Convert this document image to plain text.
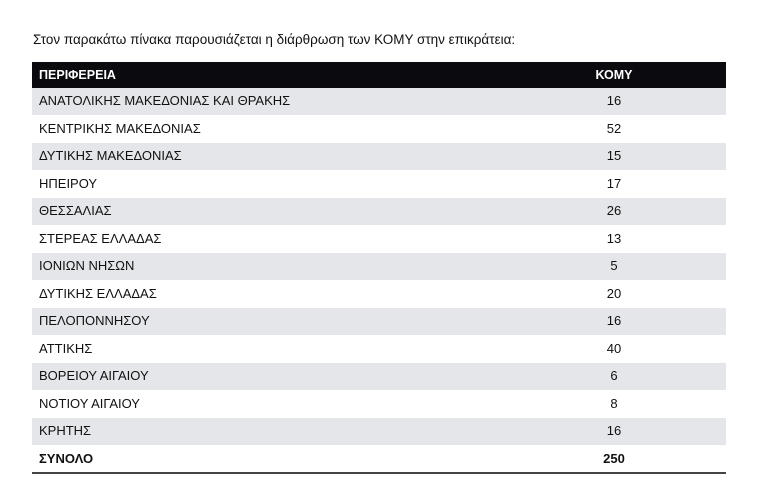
Στον παρακάτω πίνακα παρουσιάζεται η διάρθρωση των ΚΟΜΥ στην επικράτεια:
ΠΕΡΙΦΕΡΕΙΑ	ΚΟΜΥ	
ΑΝΑΤΟΛΙΚΗΣ ΜΑΚΕΔΟΝΙΑΣ ΚΑΙ ΘΡΑΚΗΣ	16	
ΚΕΝΤΡΙΚΗΣ ΜΑΚΕΔΟΝΙΑΣ	52	
ΔΥΤΙΚΗΣ ΜΑΚΕΔΟΝΙΑΣ	15	
ΗΠΕΙΡΟΥ	17	
ΘΕΣΣΑΛΙΑΣ	26	
ΣΤΕΡΕΑΣ ΕΛΛΑΔΑΣ	13	
ΙΟΝΙΩΝ ΝΗΣΩΝ	5	
ΔΥΤΙΚΗΣ ΕΛΛΑΔΑΣ	20	
ΠΕΛΟΠΟΝΝΗΣΟΥ	16	
ΑΤΤΙΚΗΣ	40	
ΒΟΡΕΙΟΥ ΑΙΓΑΙΟΥ	6	
ΝΟΤΙΟΥ ΑΙΓΑΙΟΥ	8	
ΚΡΗΤΗΣ	16	
ΣΥΝΟΛΟ	250	
